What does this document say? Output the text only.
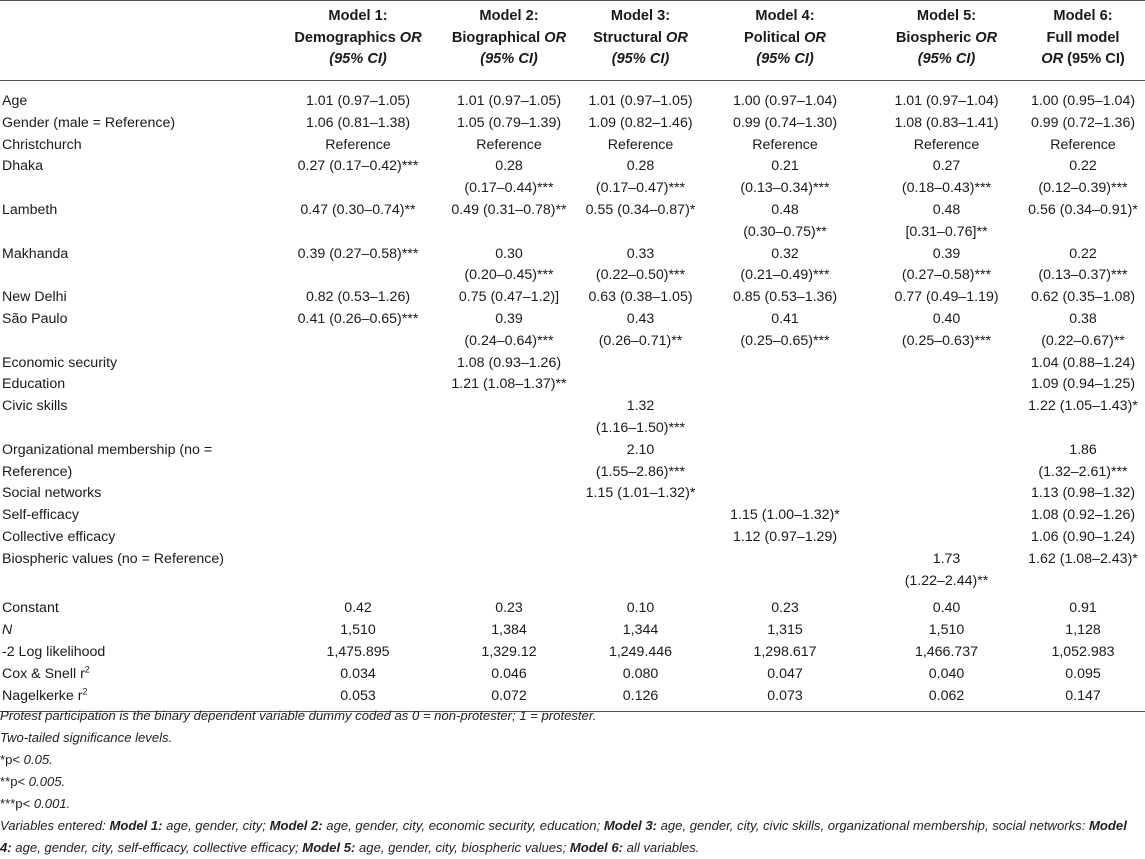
	Model 1:
Demographics OR
(95% CI)	Model 2:
Biographical OR
(95% CI)	Model 3:
Structural OR
(95% CI)	Model 4:
Political OR
(95% CI)	Model 5:
Biospheric OR
(95% CI)	Model 6:
Full model
OR (95% CI)
Age	1.01 (0.97–1.05)	1.01 (0.97–1.05)	1.01 (0.97–1.05)	1.00 (0.97–1.04)	1.01 (0.97–1.04)	1.00 (0.95–1.04)
Gender (male = Reference)	1.06 (0.81–1.38)	1.05 (0.79–1.39)	1.09 (0.82–1.46)	0.99 (0.74–1.30)	1.08 (0.83–1.41)	0.99 (0.72–1.36)
Christchurch	Reference	Reference	Reference	Reference	Reference	Reference
Dhaka	0.27 (0.17–0.42)***	0.28
(0.17–0.44)***	0.28
(0.17–0.47)***	0.21
(0.13–0.34)***	0.27
(0.18–0.43)***	0.22
(0.12–0.39)***
Lambeth	0.47 (0.30–0.74)**	0.49 (0.31–0.78)**	0.55 (0.34–0.87)*	0.48
(0.30–0.75)**	0.48
[0.31–0.76]**	0.56 (0.34–0.91)*
Makhanda	0.39 (0.27–0.58)***	0.30
(0.20–0.45)***	0.33
(0.22–0.50)***	0.32
(0.21–0.49)***	0.39
(0.27–0.58)***	0.22
(0.13–0.37)***
New Delhi	0.82 (0.53–1.26)	0.75 (0.47–1.2)]	0.63 (0.38–1.05)	0.85 (0.53–1.36)	0.77 (0.49–1.19)	0.62 (0.35–1.08)
São Paulo	0.41 (0.26–0.65)***	0.39
(0.24–0.64)***	0.43
(0.26–0.71)**	0.41
(0.25–0.65)***	0.40
(0.25–0.63)***	0.38
(0.22–0.67)**
Economic security		1.08 (0.93–1.26)				1.04 (0.88–1.24)
Education		1.21 (1.08–1.37)**				1.09 (0.94–1.25)
Civic skills			1.32
(1.16–1.50)***			1.22 (1.05–1.43)*
Organizational membership (no = Reference)			2.10
(1.55–2.86)***			1.86
(1.32–2.61)***
Social networks			1.15 (1.01–1.32)*			1.13 (0.98–1.32)
Self-efficacy				1.15 (1.00–1.32)*		1.08 (0.92–1.26)
Collective efficacy				1.12 (0.97–1.29)		1.06 (0.90–1.24)
Biospheric values (no = Reference)					1.73
(1.22–2.44)**	1.62 (1.08–2.43)*
Constant	0.42	0.23	0.10	0.23	0.40	0.91
N	1,510	1,384	1,344	1,315	1,510	1,128
-2 Log likelihood	1,475.895	1,329.12	1,249.446	1,298.617	1,466.737	1,052.983
Cox & Snell $r^2$	0.034	0.046	0.080	0.047	0.040	0.095
Nagelkerke $r^2$	0.053	0.072	0.126	0.073	0.062	0.147

Protest participation is the binary dependent variable dummy coded as 0 = non-protester; 1 = protester.

Two-tailed significance levels.

*p< 0.05.

**p< 0.005.

***p< 0.001.

Variables entered: Model 1: age, gender, city; Model 2: age, gender, city, economic security, education; Model 3: age, gender, city, civic skills, organizational membership, social networks: Model 4: age, gender, city, self-efficacy, collective efficacy; Model 5: age, gender, city, biospheric values; Model 6: all variables.
